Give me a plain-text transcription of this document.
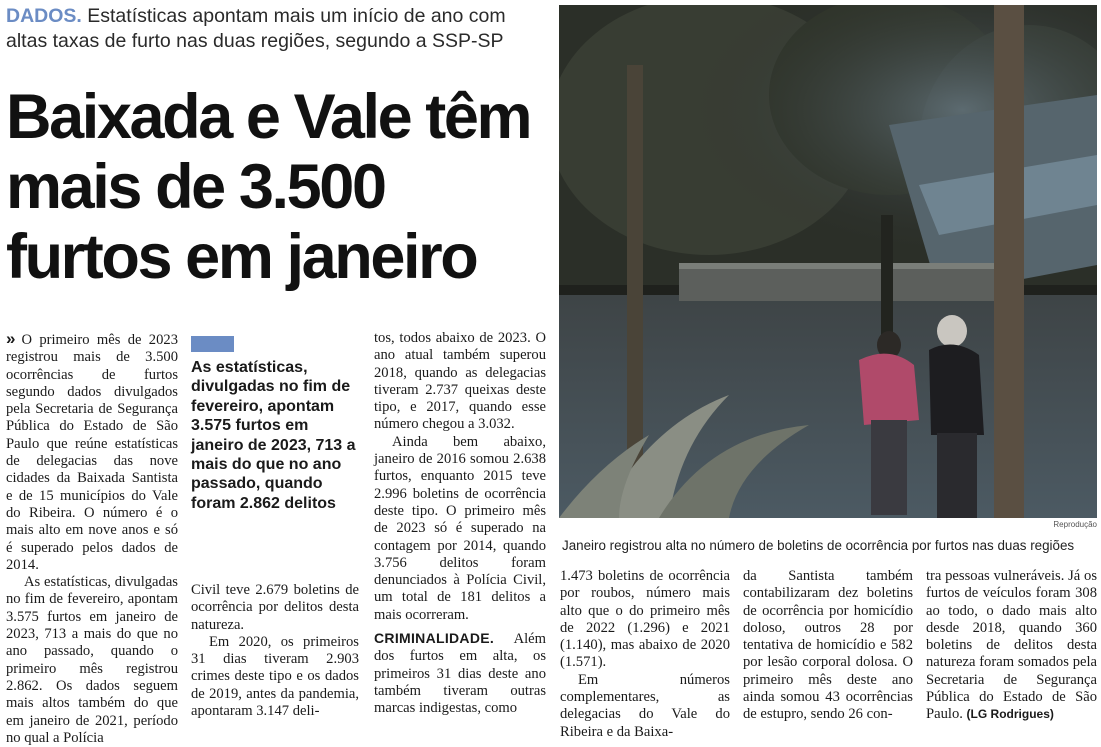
DADOS. Estatísticas apontam mais um início de ano com altas taxas de furto nas duas regiões, segundo a SSP-SP
Baixada e Vale têm
mais de 3.500
furtos em janeiro

» O primeiro mês de 2023 registrou mais de 3.500 ocorrências de furtos segundo dados divulgados pela Secretaria de Segurança Pública do Estado de São Paulo que reúne estatísticas de delegacias das nove cidades da Baixada Santista e de 15 municípios do Vale do Ribeira. O número é o mais alto em nove anos e só é superado pelos dados de 2014.

As estatísticas, divulgadas no fim de fevereiro, apontam 3.575 furtos em janeiro de 2023, 713 a mais do que no ano passado, quando o primeiro mês registrou 2.862. Os dados seguem mais altos também do que em janeiro de 2021, período no qual a Polícia

As estatísticas, divulgadas no fim de fevereiro, apontam 3.575 furtos em janeiro de 2023, 713 a mais do que no ano passado, quando foram 2.862 delitos

Civil teve 2.679 boletins de ocorrência por delitos desta natureza.

Em 2020, os primeiros 31 dias tiveram 2.903 crimes deste tipo e os dados de 2019, antes da pandemia, apontaram 3.147 deli-

tos, todos abaixo de 2023. O ano atual também superou 2018, quando as delegacias tiveram 2.737 queixas deste tipo, e 2017, quando esse número chegou a 3.032.

Ainda bem abaixo, janeiro de 2016 somou 2.638 furtos, enquanto 2015 teve 2.996 boletins de ocorrência deste tipo. O primeiro mês de 2023 só é superado na contagem por 2014, quando 3.756 delitos foram denunciados à Polícia Civil, um total de 181 delitos a mais ocorreram.

CRIMINALIDADE. Além dos furtos em alta, os primeiros 31 dias deste ano também tiveram outras marcas indigestas, como

Reprodução
Janeiro registrou alta no número de boletins de ocorrência por furtos nas duas regiões

1.473 boletins de ocorrência por roubos, número mais alto que o do primeiro mês de 2022 (1.296) e 2021 (1.140), mas abaixo de 2020 (1.571).

Em números complementares, as delegacias do Vale do Ribeira e da Baixa-

da Santista também contabilizaram dez boletins de ocorrência por homicídio doloso, outros 28 por tentativa de homicídio e 582 por lesão corporal dolosa. O primeiro mês deste ano ainda somou 43 ocorrências de estupro, sendo 26 con-

tra pessoas vulneráveis. Já os furtos de veículos foram 308 ao todo, o dado mais alto desde 2018, quando 360 boletins de delitos desta natureza foram somados pela Secretaria de Segurança Pública do Estado de São Paulo. (LG Rodrigues)
